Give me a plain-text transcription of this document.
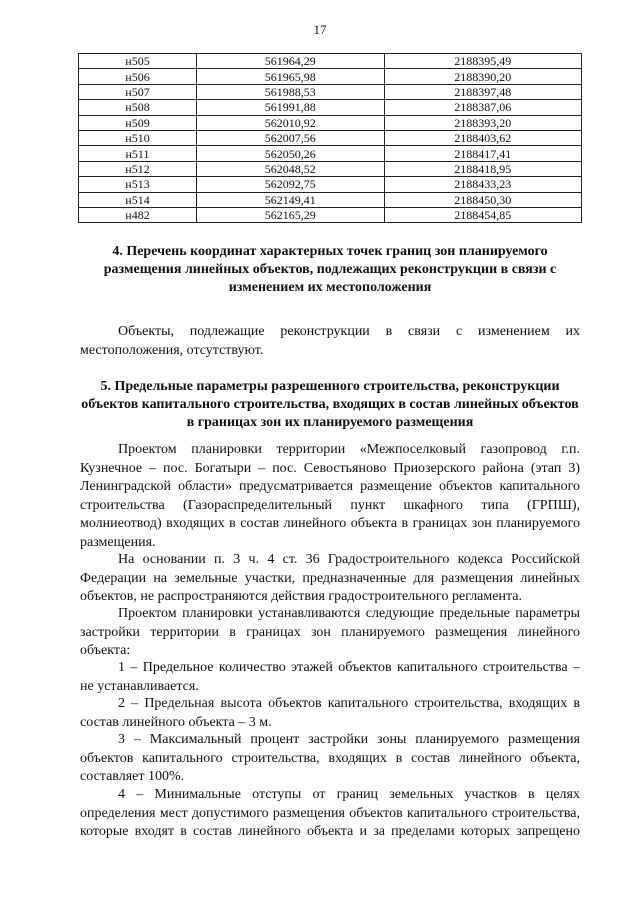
17
н505	561964,29	2188395,49
н506	561965,98	2188390,20
н507	561988,53	2188397,48
н508	561991,88	2188387,06
н509	562010,92	2188393,20
н510	562007,56	2188403,62
н511	562050,26	2188417,41
н512	562048,52	2188418,95
н513	562092,75	2188433,23
н514	562149,41	2188450,30
н482	562165,29	2188454,85
4. Перечень координат характерных точек границ зон планируемого размещения линейных объектов, подлежащих реконструкции в связи с изменением их местоположения
Объекты, подлежащие реконструкции в связи с изменением их местоположения, отсутствуют.
5. Предельные параметры разрешенного строительства, реконструкции объектов капитального строительства, входящих в состав линейных объектов в границах зон их планируемого размещения
Проектом планировки территории «Межпоселковый газопровод г.п. Кузнечное – пос. Богатыри – пос. Севостьяново Приозерского района (этап 3) Ленинградской области» предусматривается размещение объектов капитального строительства (Газораспределительный пункт шкафного типа (ГРПШ), молниеотвод) входящих в состав линейного объекта в границах зон планируемого размещения.
На основании п. 3 ч. 4 ст. 36 Градостроительного кодекса Российской Федерации на земельные участки, предназначенные для размещения линейных объектов, не распространяются действия градостроительного регламента.
Проектом планировки устанавливаются следующие предельные параметры застройки территории в границах зон планируемого размещения линейного объекта:
1 – Предельное количество этажей объектов капитального строительства – не устанавливается.
2 – Предельная высота объектов капитального строительства, входящих в состав линейного объекта – 3 м.
3 – Максимальный процент застройки зоны планируемого размещения объектов капитального строительства, входящих в состав линейного объекта, составляет 100%.
4 – Минимальные отступы от границ земельных участков в целях определения мест допустимого размещения объектов капитального строительства, которые входят в состав линейного объекта и за пределами которых запрещено
